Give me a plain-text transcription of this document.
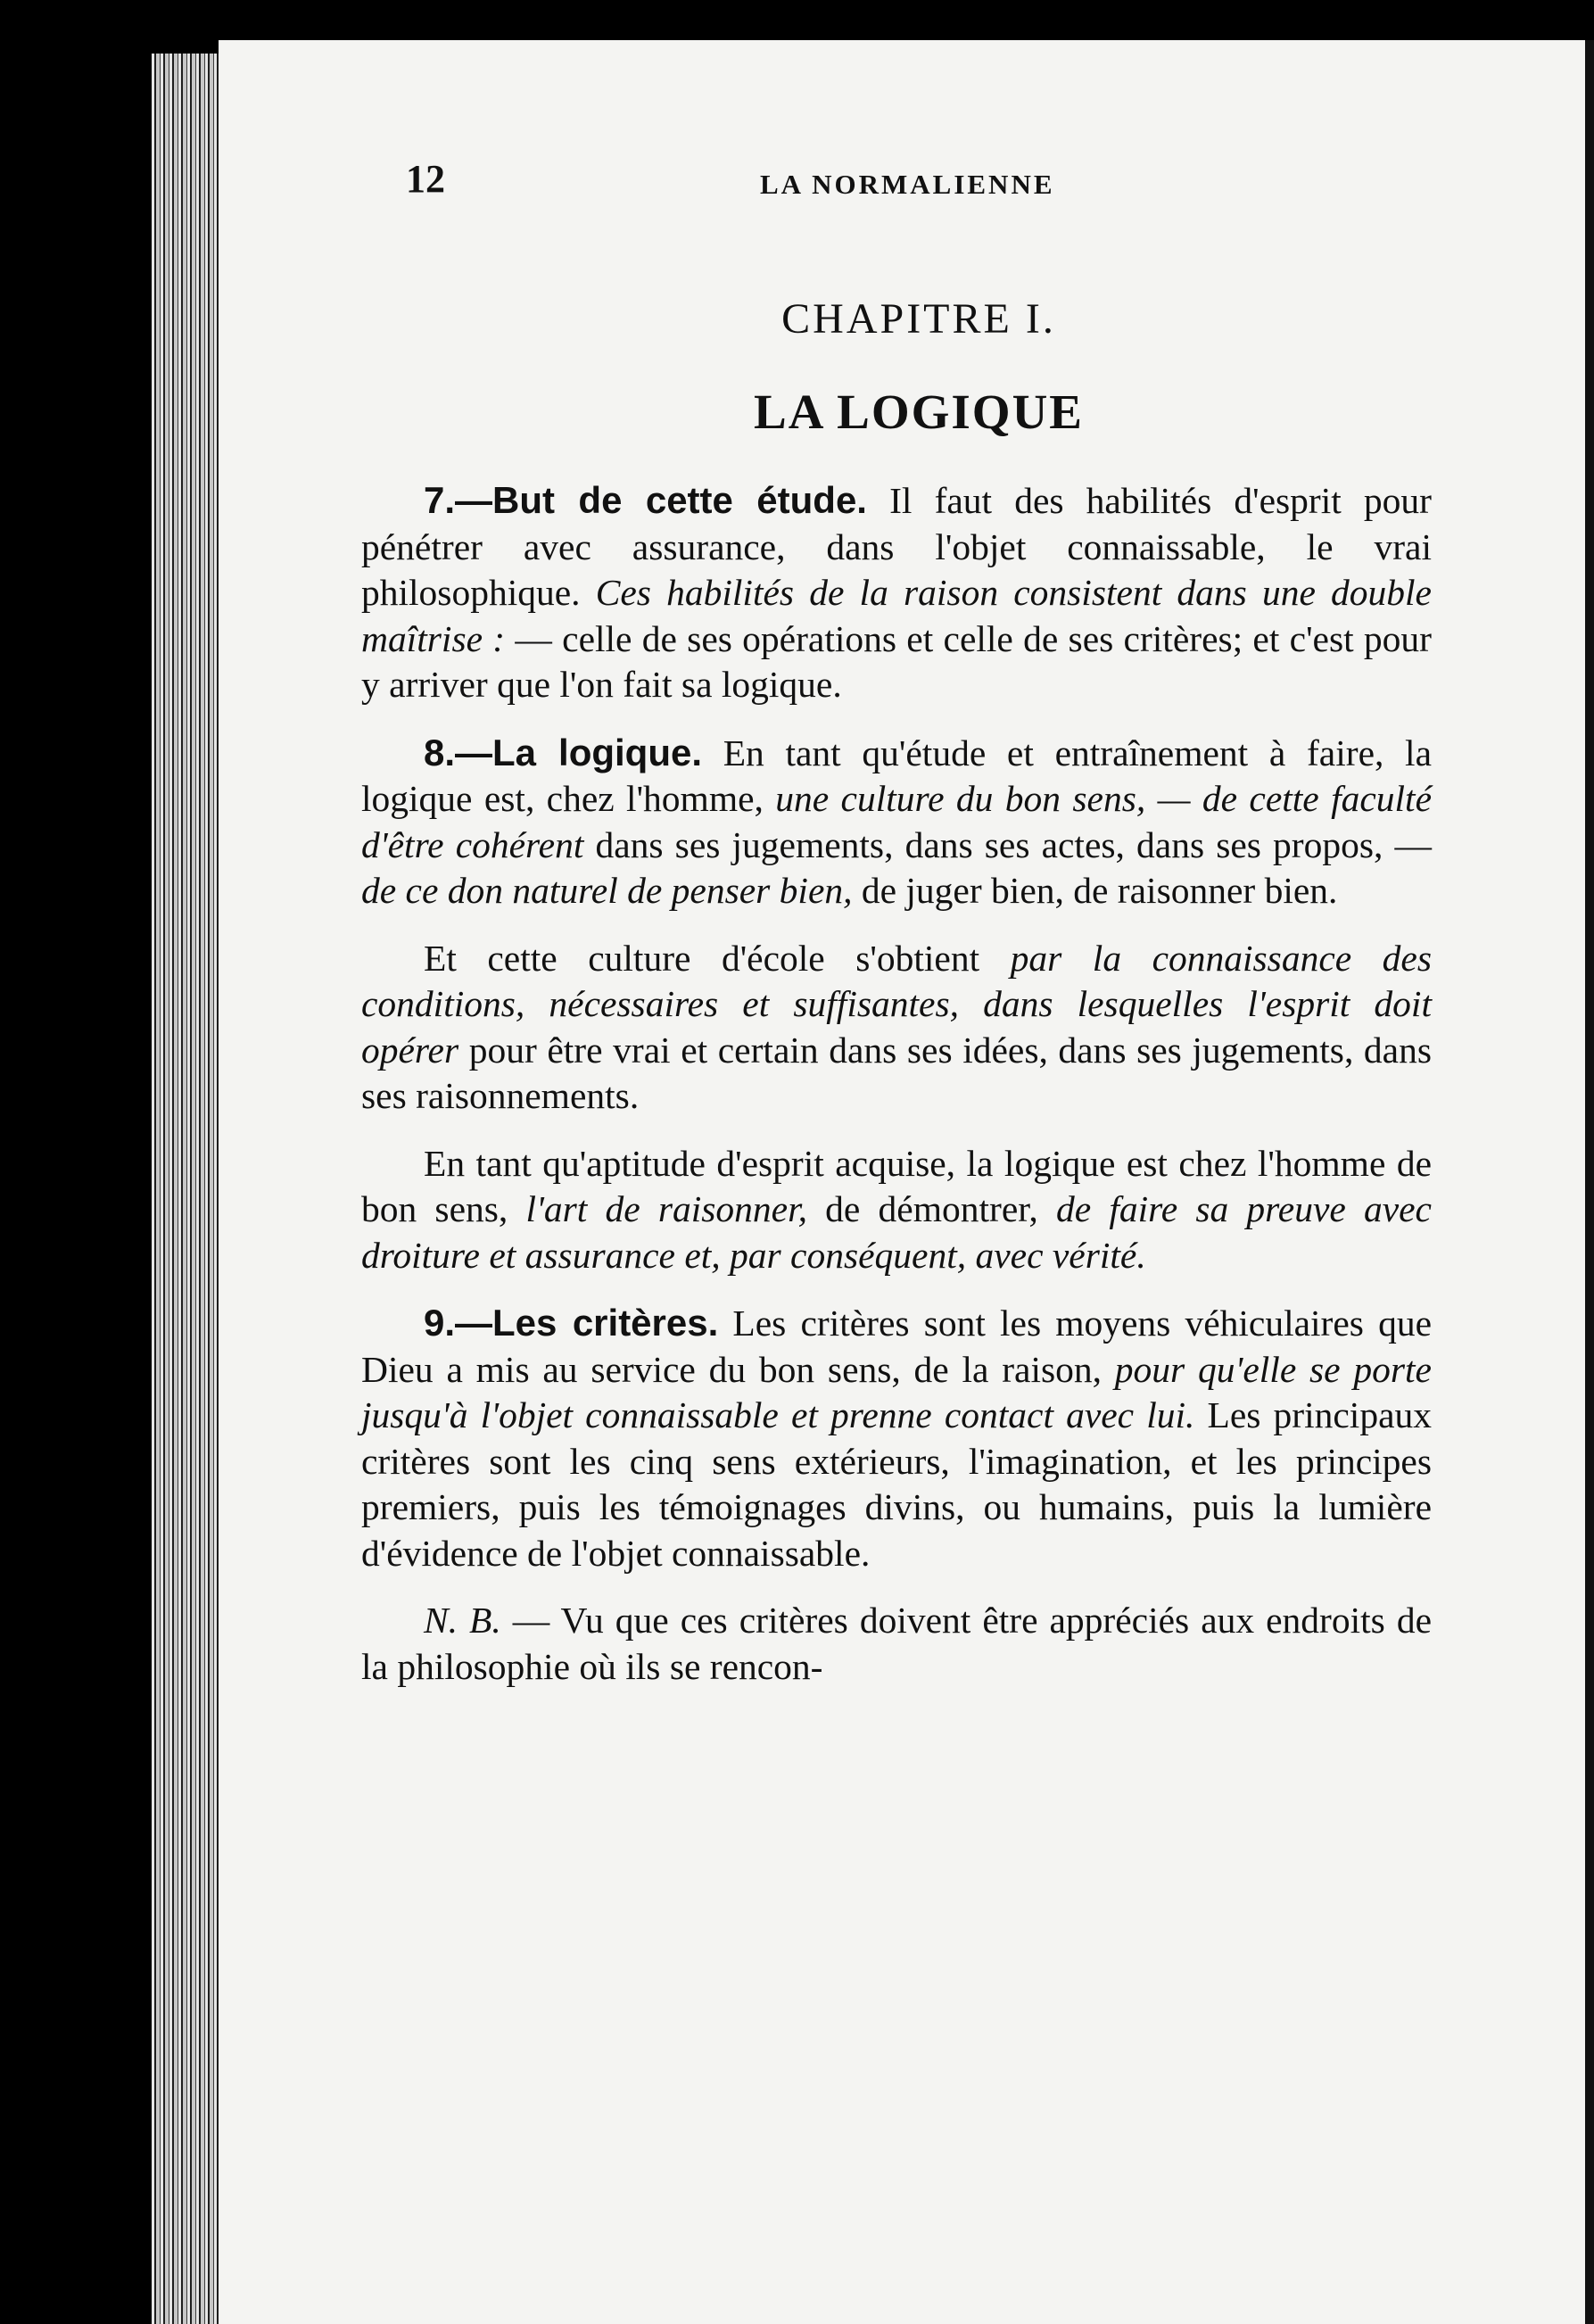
12	LA NORMALIENNE
CHAPITRE I.
LA LOGIQUE

7.—But de cette étude. Il faut des habilités d'esprit pour pénétrer avec assurance, dans l'objet connaissable, le vrai philosophique. Ces habilités de la raison consistent dans une double maîtrise : — celle de ses opérations et celle de ses critères; et c'est pour y arriver que l'on fait sa logique.

8.—La logique. En tant qu'étude et entraînement à faire, la logique est, chez l'homme, une culture du bon sens, — de cette faculté d'être cohérent dans ses jugements, dans ses actes, dans ses propos, — de ce don naturel de penser bien, de juger bien, de raisonner bien.

Et cette culture d'école s'obtient par la connaissance des conditions, nécessaires et suffisantes, dans lesquelles l'esprit doit opérer pour être vrai et certain dans ses idées, dans ses jugements, dans ses raisonnements.

En tant qu'aptitude d'esprit acquise, la logique est chez l'homme de bon sens, l'art de raisonner, de démontrer, de faire sa preuve avec droiture et assurance et, par conséquent, avec vérité.

9.—Les critères. Les critères sont les moyens véhiculaires que Dieu a mis au service du bon sens, de la raison, pour qu'elle se porte jusqu'à l'objet connaissable et prenne contact avec lui. Les principaux critères sont les cinq sens extérieurs, l'imagination, et les principes premiers, puis les témoignages divins, ou humains, puis la lumière d'évidence de l'objet connaissable.

N. B. — Vu que ces critères doivent être appréciés aux endroits de la philosophie où ils se rencon-
